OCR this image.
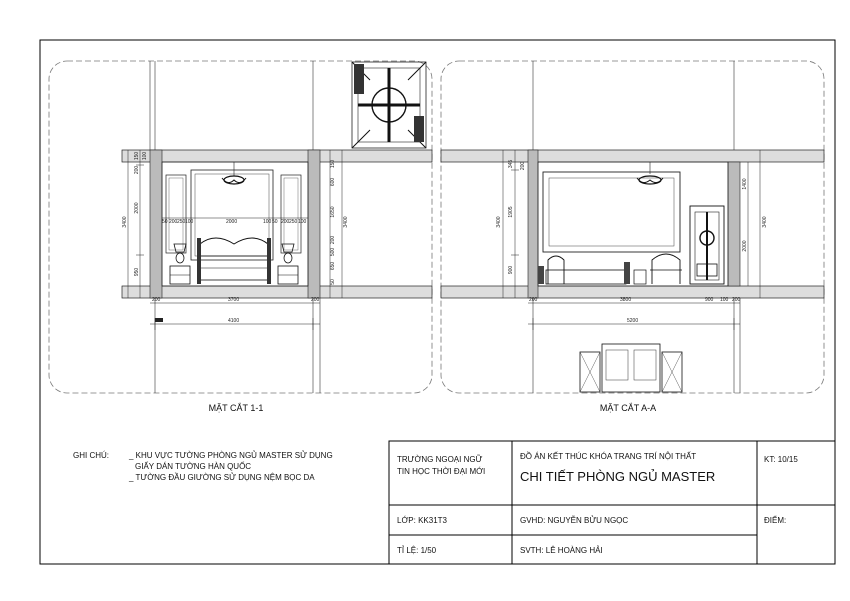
3400
150 100
200
2000
950
50 200 250 100	2000	100 50 200 250 100	3400
1650
200
600
500
650
150
50
200	3700	200
4100
MẶT CẮT 1-1
3400
345 200
1905
900
1400
3400
2000
200	3800	900 100 200
5200
MẶT CẮT A-A
GHI CHÚ:	_ KHU VỰC TƯỜNG PHÒNG NGỦ MASTER SỬ DỤNG
GIẤY DÁN TƯỜNG HÀN QUỐC
_ TƯỜNG ĐẦU GIƯỜNG SỬ DỤNG NỆM BỌC DA
TRƯỜNG NGOẠI NGỮ
TIN HỌC THỜI ĐẠI MỚI
ĐỒ ÁN KẾT THÚC KHÓA TRANG TRÍ NỘI THẤT
CHI TIẾT PHÒNG NGỦ MASTER
KT: 10/15
LỚP: KK31T3	GVHD: NGUYỄN BỬU NGỌC	ĐIỂM:
TỈ LỆ: 1/50	SVTH: LÊ HOÀNG HẢI
